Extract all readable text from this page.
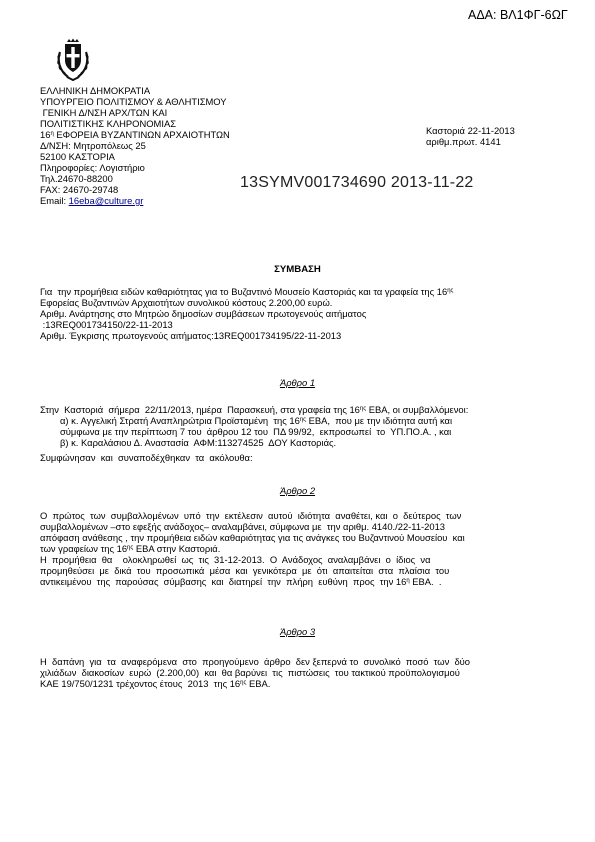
ΑΔΑ: ΒΛ1ΦΓ-6ΩΓ
ΕΛΛΗΝΙΚΗ ΔΗΜΟΚΡΑΤΙΑ
ΥΠΟΥΡΓΕΙΟ ΠΟΛΙΤΙΣΜΟΥ & ΑΘΛΗΤΙΣΜΟΥ
ΓΕΝΙΚΗ Δ/ΝΣΗ ΑΡΧ/ΤΩΝ ΚΑΙ
ΠΟΛΙΤΙΣΤΙΚΗΣ ΚΛΗΡΟΝΟΜΙΑΣ
$16^\eta$ ΕΦΟΡΕΙΑ ΒΥΖΑΝΤΙΝΩΝ ΑΡΧΑΙΟΤΗΤΩΝ
Δ/ΝΣΗ: Μητροπόλεως 25
52100 ΚΑΣΤΟΡΙΑ
Πληροφορίες: Λογιστήριο
Τηλ.24670-88200
FAX: 24670-29748
Email: 16eba@culture.gr
Καστοριά 22-11-2013
αριθμ.πρωτ. 4141
13SYMV001734690 2013-11-22
ΣΥΜΒΑΣΗ
Για  την προμήθεια ειδών καθαριότητας για το Βυζαντινό Μουσείο Καστοριάς και τα γραφεία της $16^{\eta\varsigma}$
Εφορείας Βυζαντινών Αρχαιοτήτων συνολικού κόστους 2.200,00 ευρώ.
Αριθμ. Ανάρτησης στο Μητρώο δημοσίων συμβάσεων πρωτογενούς αιτήματος
:13REQ001734150/22-11-2013
Αριθμ. Έγκρισης πρωτογενούς αιτήματος:13REQ001734195/22-11-2013
Άρθρο 1
Στην  Καστοριά  σήμερα  22/11/2013, ημέρα  Παρασκευή, στα γραφεία της $16^{\eta\varsigma}$ ΕΒΑ, οι συμβαλλόμενοι:
α) κ. Αγγελική Στρατή Αναπληρώτρια Προϊσταμένη  της $16^{\eta\varsigma}$ ΕΒΑ,  που με την ιδιότητα αυτή και
σύμφωνα με την περίπτωση 7 του  άρθρου 12 του  ΠΔ 99/92,  εκπροσωπεί  το  ΥΠ.ΠΟ.Α. , και
β) κ. Καραλάσιου Δ. Αναστασία  ΑΦΜ:113274525  ΔΟΥ Καστοριάς.
Συμφώνησαν  και  συναποδέχθηκαν  τα  ακόλουθα:
Άρθρο 2
Ο  πρώτος  των  συμβαλλομένων  υπό  την  εκτέλεσιν  αυτού  ιδιότητα  αναθέτει, και  ο  δεύτερος  των
συμβαλλομένων –στο εφεξής ανάδοχος– αναλαμβάνει, σύμφωνα με  την αριθμ. 4140./22-11-2013
απόφαση ανάθεσης , την προμήθεια ειδών καθαριότητας για τις ανάγκες του Βυζαντινού Μουσείου  και
των γραφείων της $16^{\eta\varsigma}$ ΕΒΑ στην Καστοριά.
Η  προμήθεια  θα    ολοκληρωθεί  ως  τις  31-12-2013.  Ο  Ανάδοχος  αναλαμβάνει  ο  ίδιος  να
προμηθεύσει  με  δικά  του  προσωπικά  μέσα  και  γενικότερα  με  ότι  απαιτείται  στα  πλαίσια  του
αντικειμένου  της  παρούσας  σύμβασης  και  διατηρεί  την  πλήρη  ευθύνη  προς  την $16^\eta$ ΕΒΑ.  .
Άρθρο 3
Η  δαπάνη  για  τα  αναφερόμενα  στο  προηγούμενο  άρθρο  δεν ξεπερνά το  συνολικό  ποσό  των  δύο
χιλιάδων  διακοσίων  ευρώ  (2.200,00)  και  θα βαρύνει  τις  πιστώσεις  του τακτικού προϋπολογισμού
ΚΑΕ 19/750/1231 τρέχοντος έτους  2013  της $16^{\eta\varsigma}$ ΕΒΑ.
